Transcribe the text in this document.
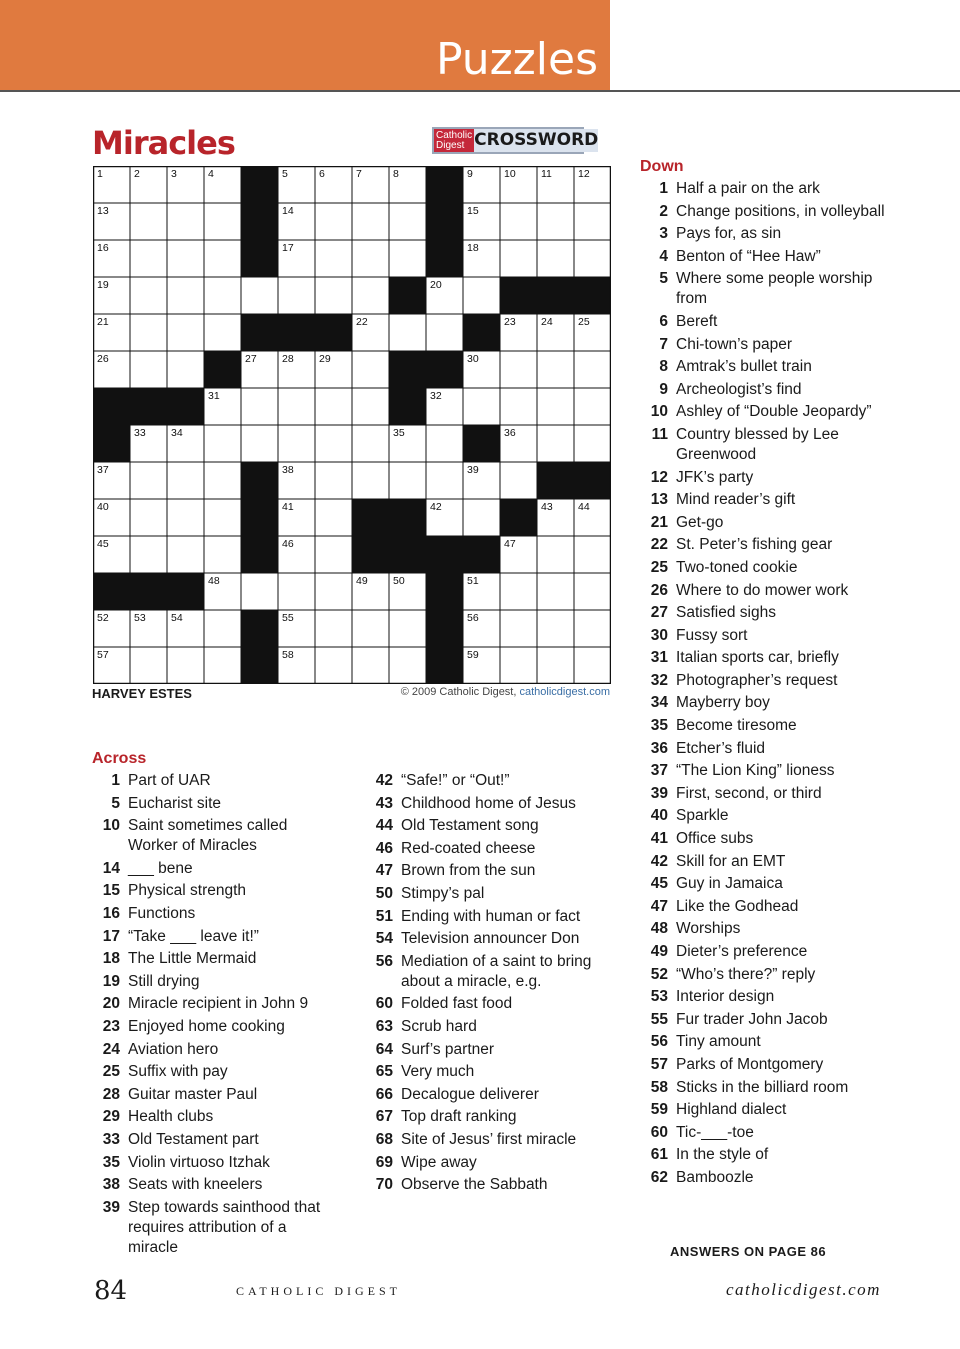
Puzzles
Miracles	Catholic Digest CROSSWORD
1	2	3	4	5	6	7	8	9	10 11 12
13	14	15
16	17	18
19	20
21	22	23 24 25
26	27 28 29	30
31	32
33 34	35	36
37	38	39
40	41	42	43 44
45	46	47
48	49 50	51
52 53 54	55	56
57	58	59
HARVEY ESTES	© 2009 Catholic Digest, catholicdigest.com
Across
1 Part of UAR
5 Eucharist site
10 Saint sometimes called Worker of Miracles
14 ___ bene
15 Physical strength
16 Functions
17 “Take ___ leave it!”
18 The Little Mermaid
19 Still drying
20 Miracle recipient in John 9
23 Enjoyed home cooking
24 Aviation hero
25 Suffix with pay
28 Guitar master Paul
29 Health clubs
33 Old Testament part
35 Violin virtuoso Itzhak
38 Seats with kneelers
39 Step towards sainthood that requires attribution of a miracle
42 “Safe!” or “Out!”
43 Childhood home of Jesus
44 Old Testament song
46 Red-coated cheese
47 Brown from the sun
50 Stimpy’s pal
51 Ending with human or fact
54 Television announcer Don
56 Mediation of a saint to bring about a miracle, e.g.
60 Folded fast food
63 Scrub hard
64 Surf’s partner
65 Very much
66 Decalogue deliverer
67 Top draft ranking
68 Site of Jesus’ first miracle
69 Wipe away
70 Observe the Sabbath
Down
1 Half a pair on the ark
2 Change positions, in volleyball
3 Pays for, as sin
4 Benton of “Hee Haw”
5 Where some people worship from
6 Bereft
7 Chi-town’s paper
8 Amtrak’s bullet train
9 Archeologist’s find
10 Ashley of “Double Jeopardy”
11 Country blessed by Lee Greenwood
12 JFK’s party
13 Mind reader’s gift
21 Get-go
22 St. Peter’s fishing gear
25 Two-toned cookie
26 Where to do mower work
27 Satisfied sighs
30 Fussy sort
31 Italian sports car, briefly
32 Photographer’s request
34 Mayberry boy
35 Become tiresome
36 Etcher’s fluid
37 “The Lion King” lioness
39 First, second, or third
40 Sparkle
41 Office subs
42 Skill for an EMT
45 Guy in Jamaica
47 Like the Godhead
48 Worships
49 Dieter’s preference
52 “Who’s there?” reply
53 Interior design
55 Fur trader John Jacob
56 Tiny amount
57 Parks of Montgomery
58 Sticks in the billiard room
59 Highland dialect
60 Tic-___-toe
61 In the style of
62 Bamboozle
ANSWERS ON PAGE 86
84	CATHOLIC DIGEST	catholicdigest.com
